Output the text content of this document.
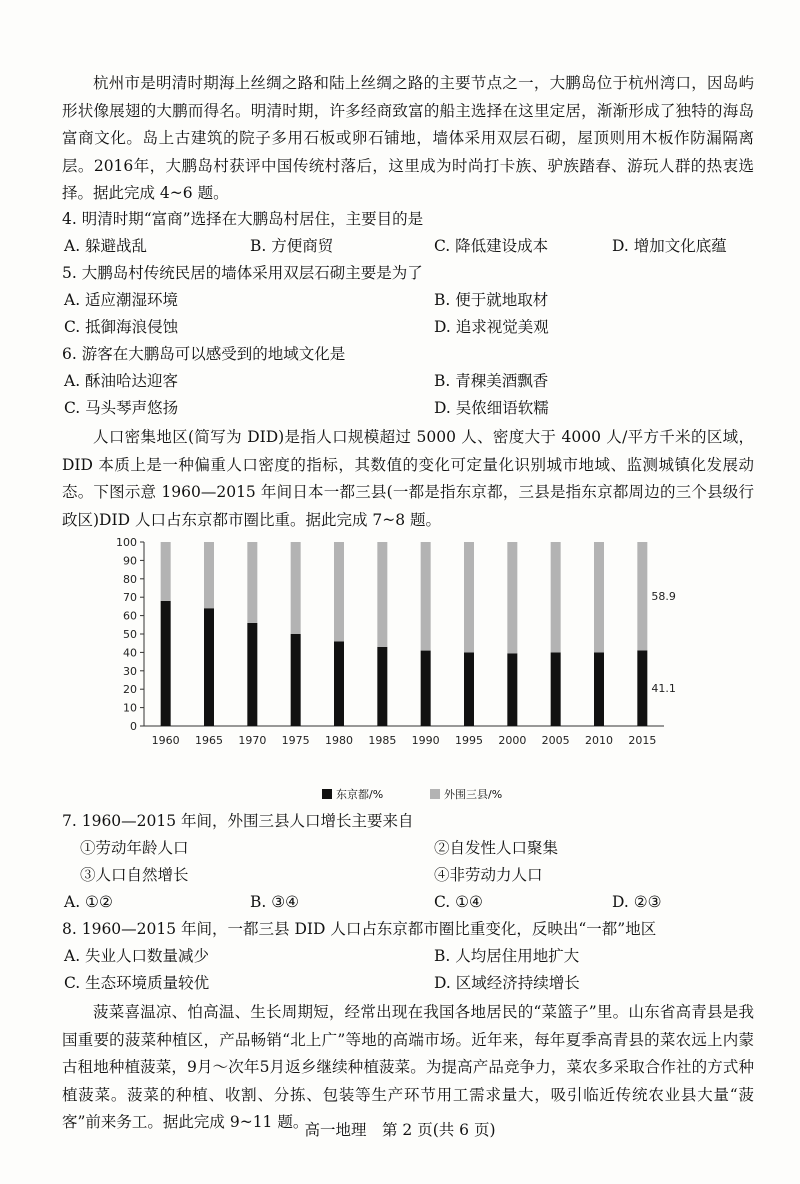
杭州市是明清时期海上丝绸之路和陆上丝绸之路的主要节点之一，大鹏岛位于杭州湾口，因岛屿形状像展翅的大鹏而得名。明清时期，许多经商致富的船主选择在这里定居，渐渐形成了独特的海岛富商文化。岛上古建筑的院子多用石板或卵石铺地，墙体采用双层石砌，屋顶则用木板作防漏隔离层。2016年，大鹏岛村获评中国传统村落后，这里成为时尚打卡族、驴族踏春、游玩人群的热衷选择。据此完成 4~6 题。

4. 明清时期“富商”选择在大鹏岛村居住，主要目的是

A. 躲避战乱	B. 方便商贸	C. 降低建设成本	D. 增加文化底蕴

5. 大鹏岛村传统民居的墙体采用双层石砌主要是为了

A. 适应潮湿环境	B. 便于就地取材

C. 抵御海浪侵蚀	D. 追求视觉美观

6. 游客在大鹏岛可以感受到的地域文化是

A. 酥油哈达迎客	B. 青稞美酒飘香

C. 马头琴声悠扬	D. 吴侬细语软糯

人口密集地区(简写为 DID)是指人口规模超过 5000 人、密度大于 4000 人/平方千米的区域，DID 本质上是一种偏重人口密度的指标，其数值的变化可定量化识别城市地域、监测城镇化发展动态。下图示意 1960—2015 年间日本一都三县(一都是指东京都，三县是指东京都周边的三个县级行政区)DID 人口占东京都市圈比重。据此完成 7~8 题。

0
10
20
30
40
50
60
70
80
90
100
1960 1965 1970 1975 1980 1985 1990 1995 2000 2005 2010 2015
58.9
41.1
东京都/%	外围三县/%

7. 1960—2015 年间，外围三县人口增长主要来自

①劳动年龄人口	②自发性人口聚集

③人口自然增长	④非劳动力人口

A. ①②	B. ③④	C. ①④	D. ②③

8. 1960—2015 年间，一都三县 DID 人口占东京都市圈比重变化，反映出“一都”地区

A. 失业人口数量减少	B. 人均居住用地扩大

C. 生态环境质量较优	D. 区域经济持续增长

菠菜喜温凉、怕高温、生长周期短，经常出现在我国各地居民的“菜篮子”里。山东省高青县是我国重要的菠菜种植区，产品畅销“北上广”等地的高端市场。近年来，每年夏季高青县的菜农远上内蒙古租地种植菠菜，9月～次年5月返乡继续种植菠菜。为提高产品竞争力，菜农多采取合作社的方式种植菠菜。菠菜的种植、收割、分拣、包装等生产环节用工需求量大，吸引临近传统农业县大量“菠客”前来务工。据此完成 9~11 题。

高一地理　第 2 页(共 6 页)
